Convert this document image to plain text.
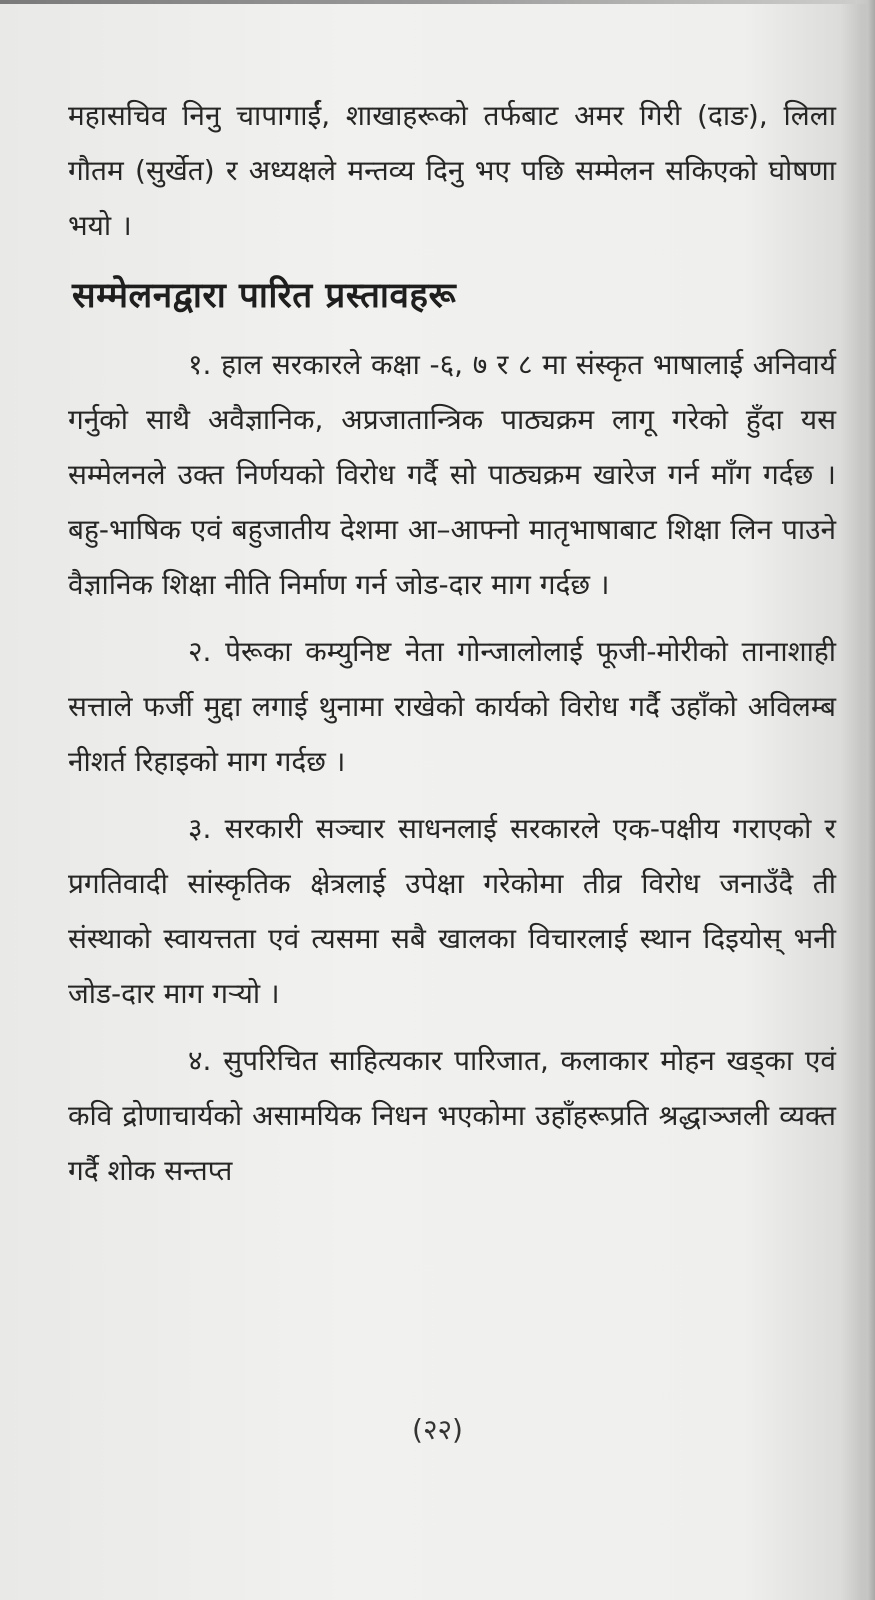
महासचिव निनु चापागाईं, शाखाहरूको तर्फबाट अमर गिरी (दाङ), लिला गौतम (सुर्खेत) र अध्यक्षले मन्तव्य दिनु भए पछि सम्मेलन सकिएको घोषणा भयो ।

सम्मेलनद्वारा पारित प्रस्तावहरू

१. हाल सरकारले कक्षा -६, ७ र ८ मा संस्कृत भाषालाई अनिवार्य गर्नुको साथै अवैज्ञानिक, अप्रजातान्त्रिक पाठ्यक्रम लागू गरेको हुँदा यस सम्मेलनले उक्त निर्णयको विरोध गर्दै सो पाठ्यक्रम खारेज गर्न माँग गर्दछ । बहु-भाषिक एवं बहुजातीय देशमा आ–आफ्नो मातृभाषाबाट शिक्षा लिन पाउने वैज्ञानिक शिक्षा नीति निर्माण गर्न जोड-दार माग गर्दछ ।

२. पेरूका कम्युनिष्ट नेता गोन्जालोलाई फूजी-मोरीको तानाशाही सत्ताले फर्जी मुद्दा लगाई थुनामा राखेको कार्यको विरोध गर्दै उहाँको अविलम्ब नीशर्त रिहाइको माग गर्दछ ।

३. सरकारी सञ्चार साधनलाई सरकारले एक-पक्षीय गराएको र प्रगतिवादी सांस्कृतिक क्षेत्रलाई उपेक्षा गरेकोमा तीव्र विरोध जनाउँदै ती संस्थाको स्वायत्तता एवं त्यसमा सबै खालका विचारलाई स्थान दिइयोस् भनी जोड-दार माग गर्‍यो ।

४. सुपरिचित साहित्यकार पारिजात, कलाकार मोहन खड्का एवं कवि द्रोणाचार्यको असामयिक निधन भएकोमा उहाँहरूप्रति श्रद्धाञ्जली व्यक्त गर्दै शोक सन्तप्त

(२२)
